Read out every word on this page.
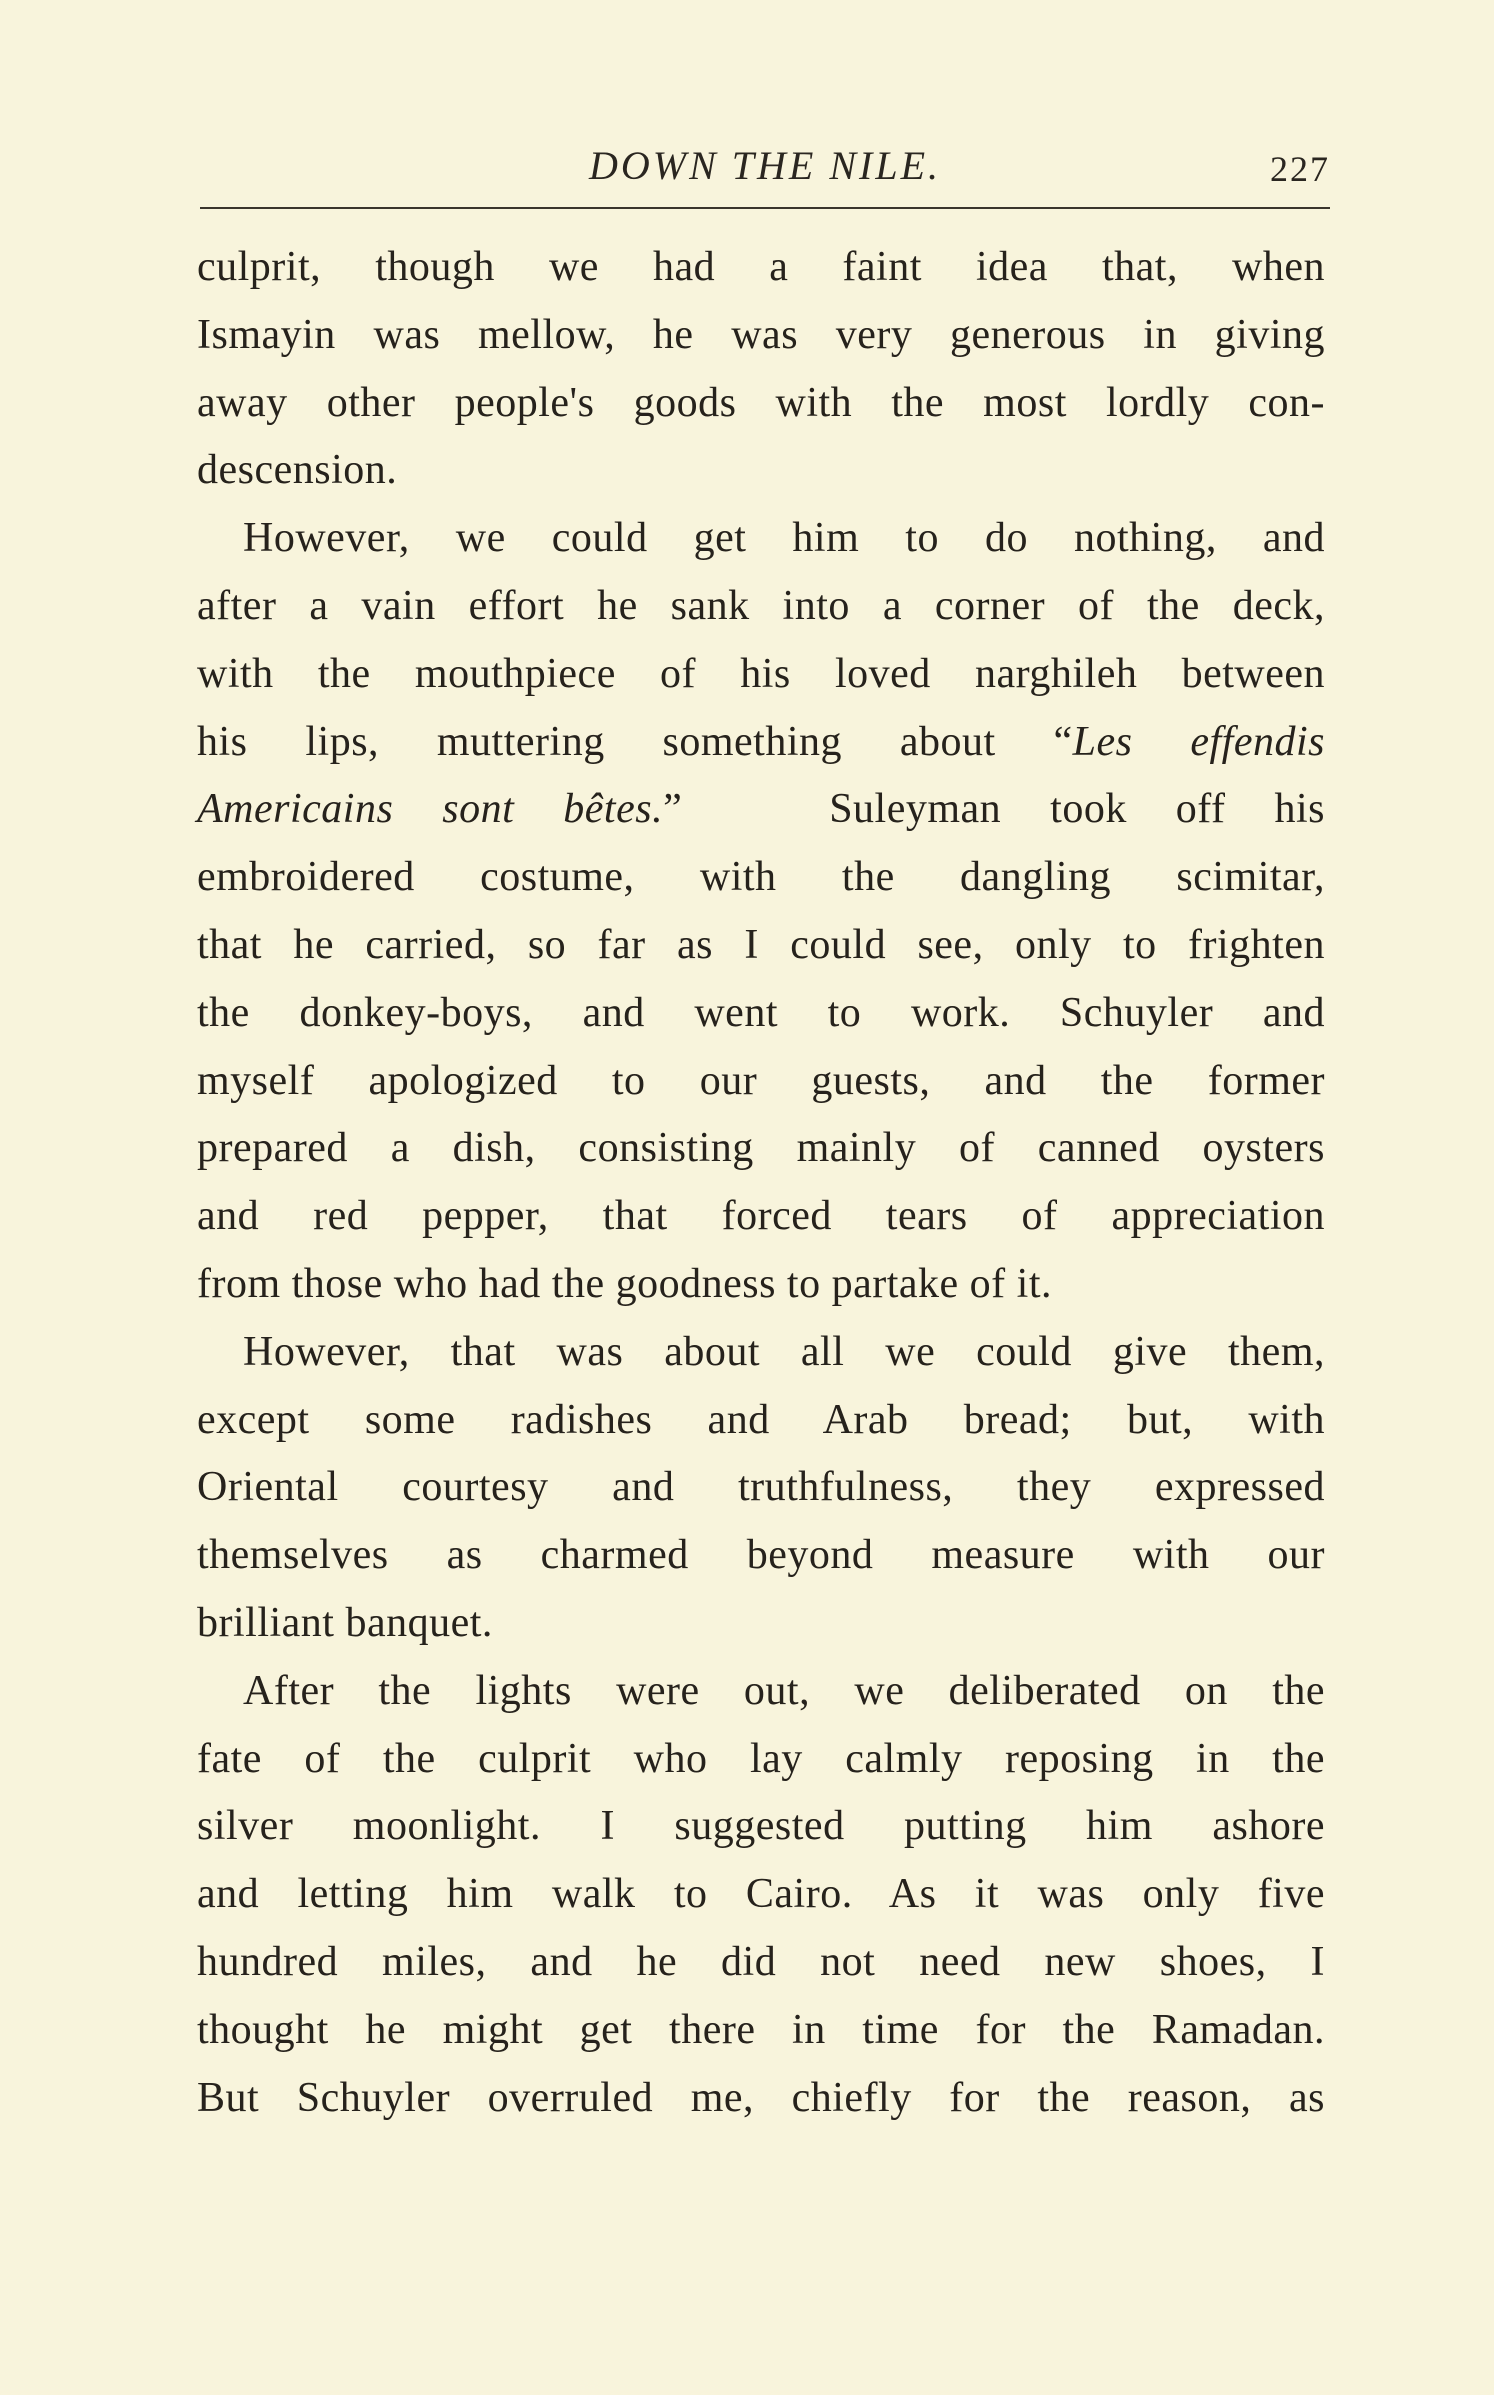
DOWN THE NILE.	227

culprit, though we had a faint idea that, when
Ismayin was mellow, he was very generous in giving
away other people's goods with the most lordly con-
descension.

However, we could get him to do nothing, and
after a vain effort he sank into a corner of the deck,
with the mouthpiece of his loved narghileh between
his lips, muttering something about “Les effendis
Americains sont bêtes.”	Suleyman took off his
embroidered costume, with the dangling scimitar,
that he carried, so far as I could see, only to frighten
the donkey-boys, and went to work. Schuyler and
myself apologized to our guests, and the former
prepared a dish, consisting mainly of canned oysters
and red pepper, that forced tears of appreciation
from those who had the goodness to partake of it.

However, that was about all we could give them,
except some radishes and Arab bread; but, with
Oriental courtesy and truthfulness, they expressed
themselves as charmed beyond measure with our
brilliant banquet.

After the lights were out, we deliberated on the
fate of the culprit who lay calmly reposing in the
silver moonlight. I suggested putting him ashore
and letting him walk to Cairo. As it was only five
hundred miles, and he did not need new shoes, I
thought he might get there in time for the Ramadan.
But Schuyler overruled me, chiefly for the reason, as
